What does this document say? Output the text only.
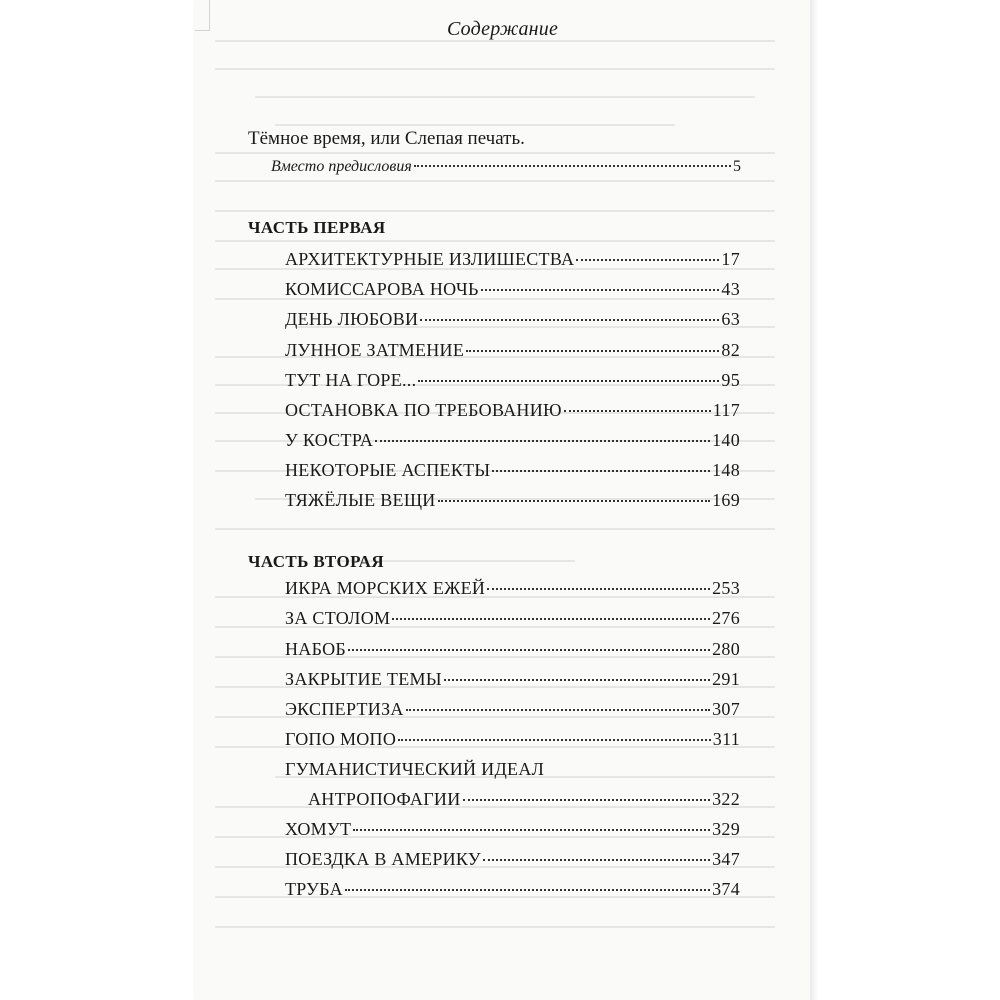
Содержание
Тёмное время, или Слепая печать.
Вместо предисловия	5
ЧАСТЬ ПЕРВАЯ
АРХИТЕКТУРНЫЕ ИЗЛИШЕСТВА	17
КОМИССАРОВА НОЧЬ	43
ДЕНЬ ЛЮБОВИ	63
ЛУННОЕ ЗАТМЕНИЕ	82
ТУТ НА ГОРЕ...	95
ОСТАНОВКА ПО ТРЕБОВАНИЮ	117
У КОСТРА	140
НЕКОТОРЫЕ АСПЕКТЫ	148
ТЯЖЁЛЫЕ ВЕЩИ	169
ЧАСТЬ ВТОРАЯ
ИКРА МОРСКИХ ЕЖЕЙ	253
ЗА СТОЛОМ	276
НАБОБ	280
ЗАКРЫТИЕ ТЕМЫ	291
ЭКСПЕРТИЗА	307
ГОПО МОПО	311
ГУМАНИСТИЧЕСКИЙ ИДЕАЛ
АНТРОПОФАГИИ	322
ХОМУТ	329
ПОЕЗДКА В АМЕРИКУ	347
ТРУБА	374
